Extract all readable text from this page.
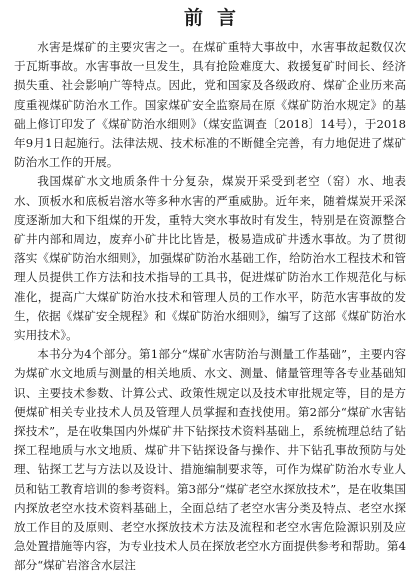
前言

水害是煤矿的主要灾害之一。在煤矿重特大事故中，水害事故起数仅次于瓦斯事故。水害事故一旦发生，具有抢险难度大、救援复矿时间长、经济损失重、社会影响广等特点。因此，党和国家及各级政府、煤矿企业历来高度重视煤矿防治水工作。国家煤矿安全监察局在原《煤矿防治水规定》的基础上修订印发了《煤矿防治水细则》（煤安监调查〔2018〕14号），于2018年9月1日起施行。法律法规、技术标准的不断健全完善，有力地促进了煤矿防治水工作的开展。

我国煤矿水文地质条件十分复杂，煤炭开采受到老空（窑）水、地表水、顶板水和底板岩溶水等多种水害的严重威胁。近年来，随着煤炭开采深度逐渐加大和下组煤的开发，重特大突水事故时有发生，特别是在资源整合矿井内部和周边，废弃小矿井比比皆是，极易造成矿井透水事故。为了贯彻落实《煤矿防治水细则》，加强煤矿防治水基础工作，给防治水工程技术和管理人员提供工作方法和技术指导的工具书，促进煤矿防治水工作规范化与标准化，提高广大煤矿防治水技术和管理人员的工作水平，防范水害事故的发生，依据《煤矿安全规程》和《煤矿防治水细则》，编写了这部《煤矿防治水实用技术》。

本书分为4个部分。第1部分“煤矿水害防治与测量工作基础”，主要内容为煤矿水文地质与测量的相关地质、水文、测量、储量管理等各专业基础知识、主要技术参数、计算公式、政策性规定以及技术审批规定等，目的是方便煤矿相关专业技术人员及管理人员掌握和查找使用。第2部分“煤矿水害钻探技术”，是在收集国内外煤矿井下钻探技术资料基础上，系统梳理总结了钻探工程地质与水文地质、煤矿井下钻探设备与操作、井下钻孔事故预防与处理、钻探工艺与方法以及设计、措施编制要求等，可作为煤矿防治水专业人员和钻工教育培训的参考资料。第3部分“煤矿老空水探放技术”，是在收集国内探放老空水技术资料基础上，全面总结了老空水害分类及特点、老空水探放工作目的及原则、老空水探放技术方法及流程和老空水害危险源识别及应急处置措施等内容，为专业技术人员在探放老空水方面提供参考和帮助。第4部分“煤矿岩溶含水层注
